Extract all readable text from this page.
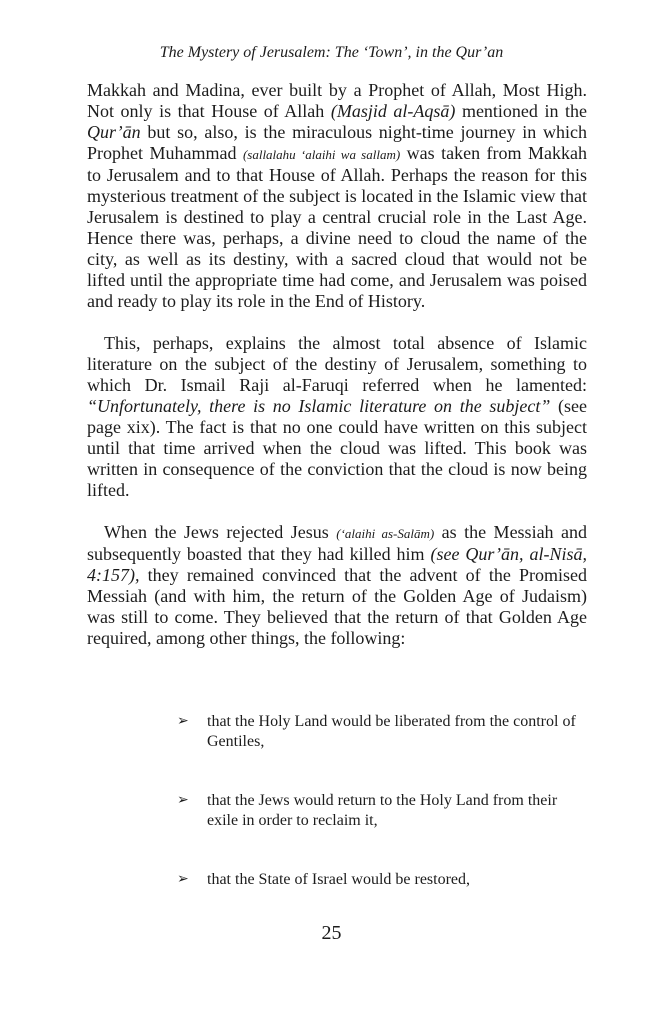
The Mystery of Jerusalem: The ‘Town’, in the Qur’an

Makkah and Madina, ever built by a Prophet of Allah, Most High. Not only is that House of Allah (Masjid al-Aqsā) mentioned in the Qur’ān but so, also, is the miraculous night-time journey in which Prophet Muhammad (sallalahu ‘alaihi wa sallam) was taken from Makkah to Jerusalem and to that House of Allah. Perhaps the reason for this mysterious treatment of the subject is located in the Islamic view that Jerusalem is destined to play a central crucial role in the Last Age. Hence there was, perhaps, a divine need to cloud the name of the city, as well as its destiny, with a sacred cloud that would not be lifted until the appropriate time had come, and Jerusalem was poised and ready to play its role in the End of History.

This, perhaps, explains the almost total absence of Islamic literature on the subject of the destiny of Jerusalem, something to which Dr. Ismail Raji al-Faruqi referred when he lamented: “Unfortunately, there is no Islamic literature on the subject” (see page xix). The fact is that no one could have written on this subject until that time arrived when the cloud was lifted. This book was written in consequence of the conviction that the cloud is now being lifted.

When the Jews rejected Jesus (‘alaihi as-Salām) as the Messiah and subsequently boasted that they had killed him (see Qur’ān, al-Nisā, 4:157), they remained convinced that the advent of the Promised Messiah (and with him, the return of the Golden Age of Judaism) was still to come. They believed that the return of that Golden Age required, among other things, the following:

➢ that the Holy Land would be liberated from the control of Gentiles,
➢ that the Jews would return to the Holy Land from their exile in order to reclaim it,
➢ that the State of Israel would be restored,
25
